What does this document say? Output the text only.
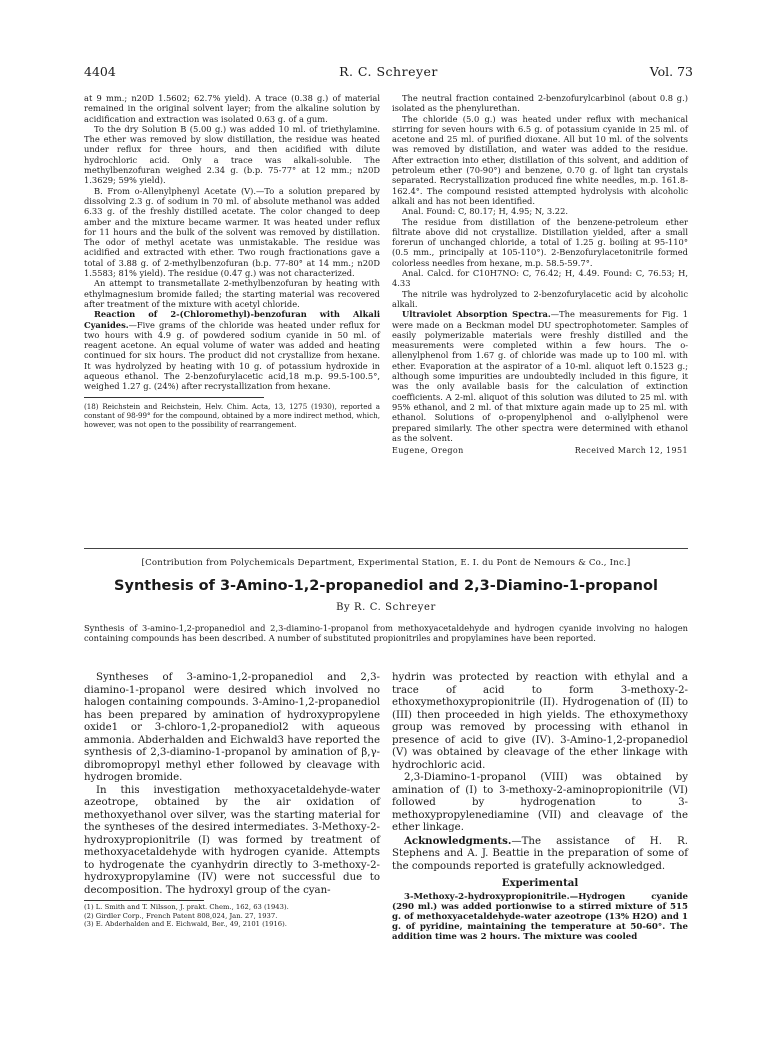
4404	R. C. Schreyer	Vol. 73

at 9 mm.; n20D 1.5602; 62.7% yield). A trace (0.38 g.) of material remained in the original solvent layer; from the alkaline solution by acidification and extraction was isolated 0.63 g. of a gum.

To the dry Solution B (5.00 g.) was added 10 ml. of triethylamine. The ether was removed by slow distillation, the residue was heated under reflux for three hours, and then acidified with dilute hydrochloric acid. Only a trace was alkali-soluble. The methylbenzofuran weighed 2.34 g. (b.p. 75-77° at 12 mm.; n20D 1.3629; 59% yield).

B. From o-Allenylphenyl Acetate (V).—To a solution prepared by dissolving 2.3 g. of sodium in 70 ml. of absolute methanol was added 6.33 g. of the freshly distilled acetate. The color changed to deep amber and the mixture became warmer. It was heated under reflux for 11 hours and the bulk of the solvent was removed by distillation. The odor of methyl acetate was unmistakable. The residue was acidified and extracted with ether. Two rough fractionations gave a total of 3.88 g. of 2-methylbenzofuran (b.p. 77-80° at 14 mm.; n20D 1.5583; 81% yield). The residue (0.47 g.) was not characterized.

An attempt to transmetallate 2-methylbenzofuran by heating with ethylmagnesium bromide failed; the starting material was recovered after treatment of the mixture with acetyl chloride.

Reaction of 2-(Chloromethyl)-benzofuran with Alkali Cyanides.—Five grams of the chloride was heated under reflux for two hours with 4.9 g. of powdered sodium cyanide in 50 ml. of reagent acetone. An equal volume of water was added and heating continued for six hours. The product did not crystallize from hexane. It was hydrolyzed by heating with 10 g. of potassium hydroxide in aqueous ethanol. The 2-benzofurylacetic acid,18 m.p. 99.5-100.5°, weighed 1.27 g. (24%) after recrystallization from hexane.

(18) Reichstein and Reichstein, Helv. Chim. Acta, 13, 1275 (1930), reported a constant of 98-99° for the compound, obtained by a more indirect method, which, however, was not open to the possibility of rearrangement.

The neutral fraction contained 2-benzofurylcarbinol (about 0.8 g.) isolated as the phenylurethan.

The chloride (5.0 g.) was heated under reflux with mechanical stirring for seven hours with 6.5 g. of potassium cyanide in 25 ml. of acetone and 25 ml. of purified dioxane. All but 10 ml. of the solvents was removed by distillation, and water was added to the residue. After extraction into ether, distillation of this solvent, and addition of petroleum ether (70-90°) and benzene, 0.70 g. of light tan crystals separated. Recrystallization produced fine white needles, m.p. 161.8-162.4°. The compound resisted attempted hydrolysis with alcoholic alkali and has not been identified.

Anal. Found: C, 80.17; H, 4.95; N, 3.22.

The residue from distillation of the benzene-petroleum ether filtrate above did not crystallize. Distillation yielded, after a small forerun of unchanged chloride, a total of 1.25 g. boiling at 95-110° (0.5 mm., principally at 105-110°). 2-Benzofurylacetonitrile formed colorless needles from hexane, m.p. 58.5-59.7°.

Anal. Calcd. for C10H7NO: C, 76.42; H, 4.49. Found: C, 76.53; H, 4.33

The nitrile was hydrolyzed to 2-benzofurylacetic acid by alcoholic alkali.

Ultraviolet Absorption Spectra.—The measurements for Fig. 1 were made on a Beckman model DU spectrophotometer. Samples of easily polymerizable materials were freshly distilled and the measurements were completed within a few hours. The o-allenylphenol from 1.67 g. of chloride was made up to 100 ml. with ether. Evaporation at the aspirator of a 10-ml. aliquot left 0.1523 g.; although some impurities are undoubtedly included in this figure, it was the only available basis for the calculation of extinction coefficients. A 2-ml. aliquot of this solution was diluted to 25 ml. with 95% ethanol, and 2 ml. of that mixture again made up to 25 ml. with ethanol. Solutions of o-propenylphenol and o-allylphenol were prepared similarly. The other spectra were determined with ethanol as the solvent.

Eugene, Oregon	Received March 12, 1951
[Contribution from Polychemicals Department, Experimental Station, E. I. du Pont de Nemours & Co., Inc.]
Synthesis of 3-Amino-1,2-propanediol and 2,3-Diamino-1-propanol
By R. C. Schreyer

Synthesis of 3-amino-1,2-propanediol and 2,3-diamino-1-propanol from methoxyacetaldehyde and hydrogen cyanide involving no halogen containing compounds has been described. A number of substituted propionitriles and propylamines have been reported.

Syntheses of 3-amino-1,2-propanediol and 2,3-diamino-1-propanol were desired which involved no halogen containing compounds. 3-Amino-1,2-propanediol has been prepared by amination of hydroxypropylene oxide1 or 3-chloro-1,2-propanediol2 with aqueous ammonia. Abderhalden and Eichwald3 have reported the synthesis of 2,3-diamino-1-propanol by amination of β,γ-dibromopropyl methyl ether followed by cleavage with hydrogen bromide.

In this investigation methoxyacetaldehyde-water azeotrope, obtained by the air oxidation of methoxyethanol over silver, was the starting material for the syntheses of the desired intermediates. 3-Methoxy-2-hydroxypropionitrile (I) was formed by treatment of methoxyacetaldehyde with hydrogen cyanide. Attempts to hydrogenate the cyanhydrin directly to 3-methoxy-2-hydroxypropylamine (IV) were not successful due to decomposition. The hydroxyl group of the cyan-

(1) L. Smith and T. Nilsson, J. prakt. Chem., 162, 63 (1943).

(2) Girdler Corp., French Patent 808,024, Jan. 27, 1937.

(3) E. Abderhalden and E. Eichwald, Ber., 49, 2101 (1916).

hydrin was protected by reaction with ethylal and a trace of acid to form 3-methoxy-2-ethoxymethoxypropionitrile (II). Hydrogenation of (II) to (III) then proceeded in high yields. The ethoxymethoxy group was removed by processing with ethanol in presence of acid to give (IV). 3-Amino-1,2-propanediol (V) was obtained by cleavage of the ether linkage with hydrochloric acid.

2,3-Diamino-1-propanol (VIII) was obtained by amination of (I) to 3-methoxy-2-aminopropionitrile (VI) followed by hydrogenation to 3-methoxypropylenediamine (VII) and cleavage of the ether linkage.

Acknowledgments.—The assistance of H. R. Stephens and A. J. Beattie in the preparation of some of the compounds reported is gratefully acknowledged.

Experimental

3-Methoxy-2-hydroxypropionitrile.—Hydrogen cyanide (290 ml.) was added portionwise to a stirred mixture of 515 g. of methoxyacetaldehyde-water azeotrope (13% H2O) and 1 g. of pyridine, maintaining the temperature at 50-60°. The addition time was 2 hours. The mixture was cooled
